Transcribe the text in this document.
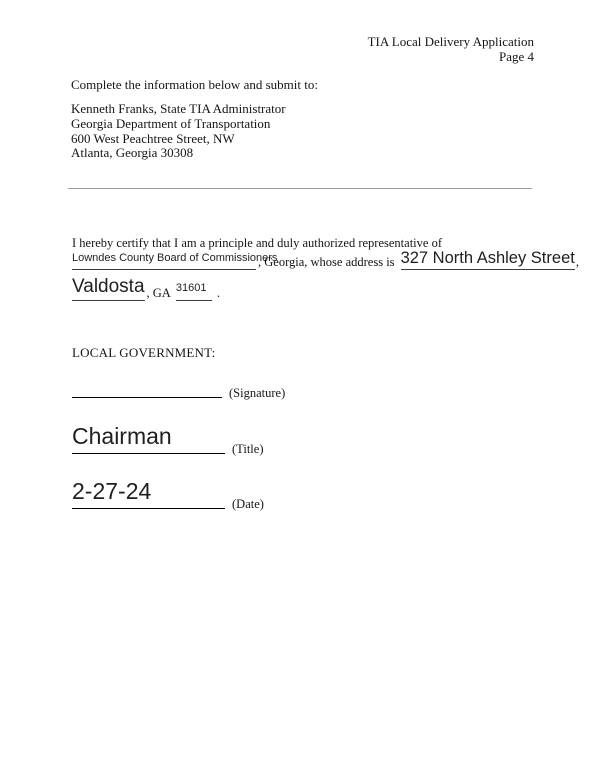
TIA Local Delivery Application
Page 4
Complete the information below and submit to:
Kenneth Franks, State TIA Administrator
Georgia Department of Transportation
600 West Peachtree Street, NW
Atlanta, Georgia 30308
I hereby certify that I am a principle and duly authorized representative of
Lowndes County Board of Commissioners
, Georgia, whose address is 327 North Ashley Street ,
Valdosta , GA 31601 .
LOCAL GOVERNMENT:
(Signature)
Chairman	(Title)
2-27-24	(Date)
